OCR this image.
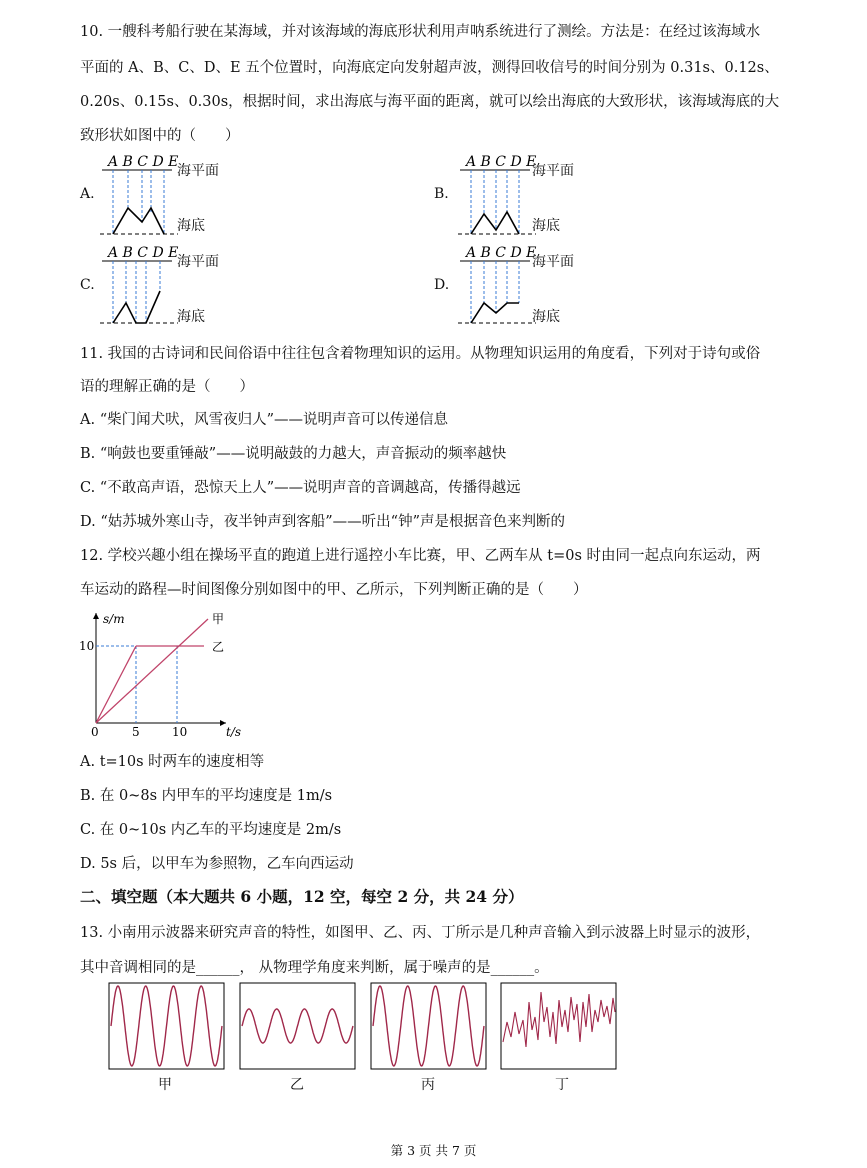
10. 一艘科考船行驶在某海域，并对该海域的海底形状利用声呐系统进行了测绘。方法是：在经过该海域水
平面的 A、B、C、D、E 五个位置时，向海底定向发射超声波，测得回收信号的时间分别为 0.31s、0.12s、
0.20s、0.15s、0.30s，根据时间，求出海底与海平面的距离，就可以绘出海底的大致形状，该海域海底的大
致形状如图中的（　　）
A.
A B C D E
海平面
海底
B.
A B C D E
海平面
海底
C.
A B C D E
海平面
海底
D.
A B C D E
海平面
海底
11. 我国的古诗词和民间俗语中往往包含着物理知识的运用。从物理知识运用的角度看，下列对于诗句或俗
语的理解正确的是（　　）
A. “柴门闻犬吠，风雪夜归人”——说明声音可以传递信息
B. “响鼓也要重锤敲”——说明敲鼓的力越大，声音振动的频率越快
C. “不敢高声语，恐惊天上人”——说明声音的音调越高，传播得越远
D. “姑苏城外寒山寺，夜半钟声到客船”——听出“钟”声是根据音色来判断的
12. 学校兴趣小组在操场平直的跑道上进行遥控小车比赛，甲、乙两车从 t=0s 时由同一起点向东运动，两
车运动的路程—时间图像分别如图中的甲、乙所示，下列判断正确的是（　　）
s/m
t/s
10
0	5	10
甲
乙
A. t=10s 时两车的速度相等
B. 在 0~8s 内甲车的平均速度是 1m/s
C. 在 0~10s 内乙车的平均速度是 2m/s
D. 5s 后，以甲车为参照物，乙车向西运动
二、填空题（本大题共 6 小题，12 空，每空 2 分，共 24 分）
13. 小南用示波器来研究声音的特性，如图甲、乙、丙、丁所示是几种声音输入到示波器上时显示的波形，
其中音调相同的是______， 从物理学角度来判断，属于噪声的是______。
甲	乙	丙	丁
第 3 页 共 7 页
